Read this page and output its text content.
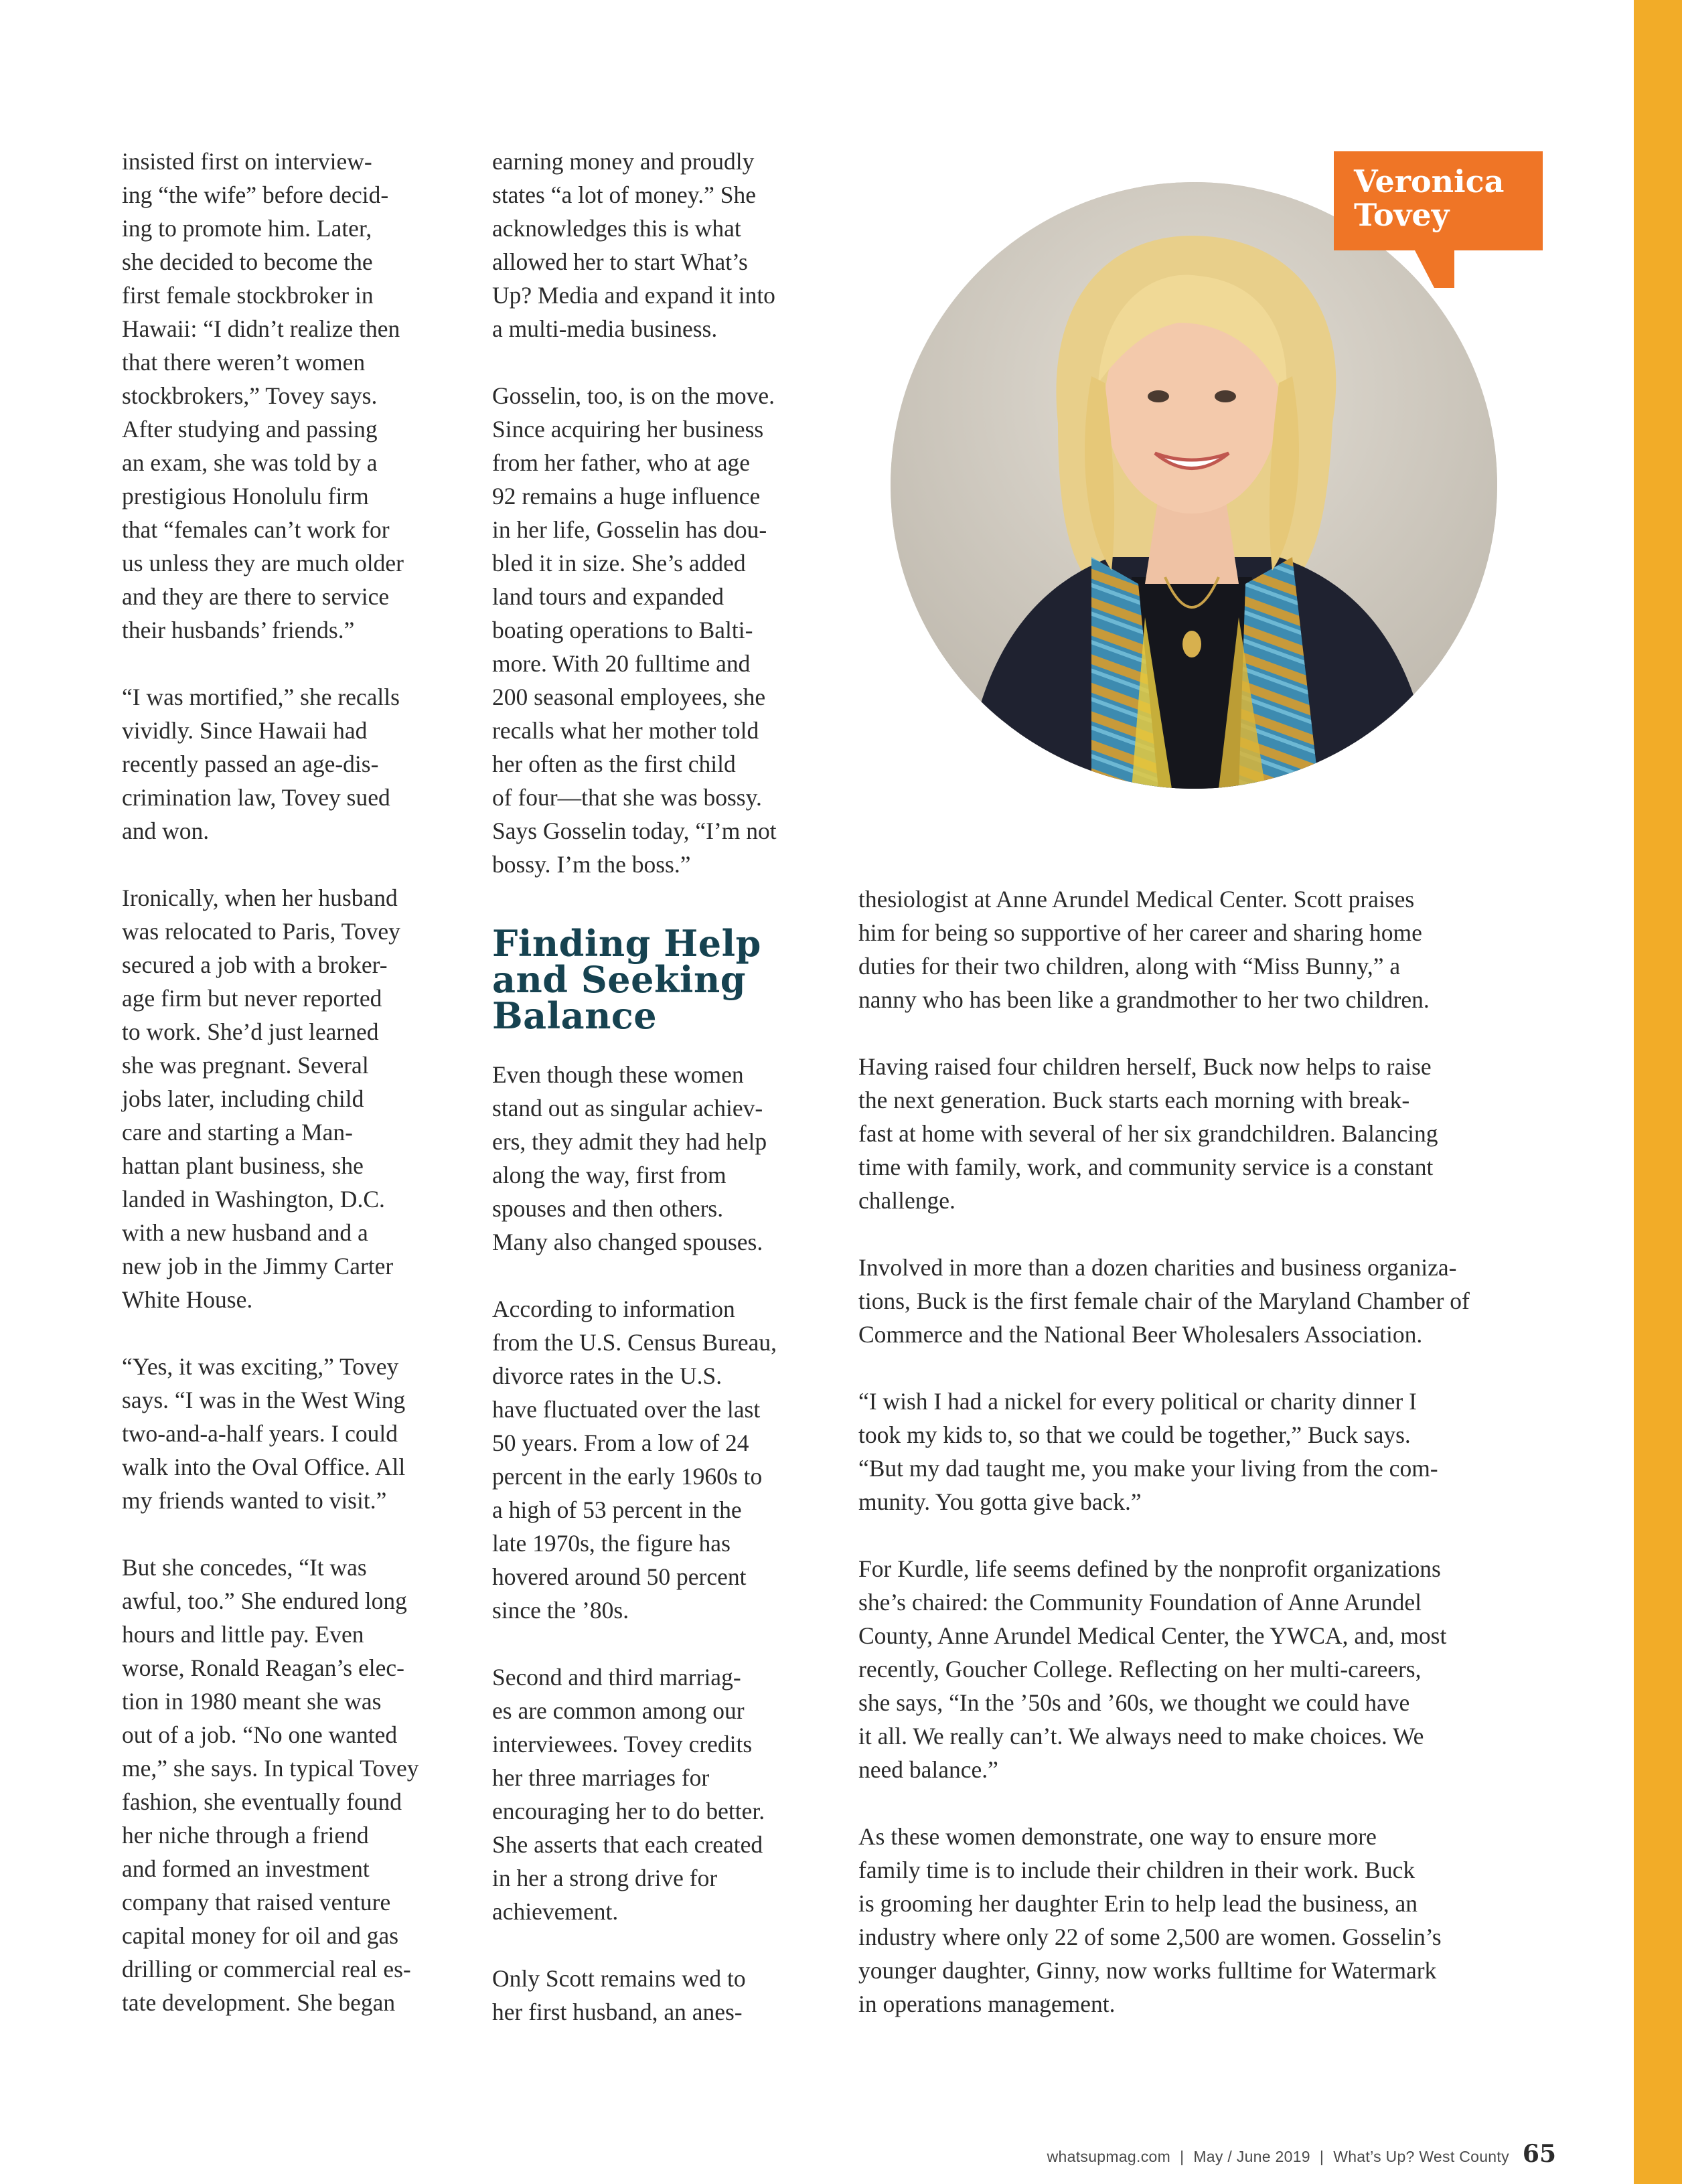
insisted first on interview-
ing “the wife” before decid-
ing to promote him. Later,
she decided to become the
first female stockbroker in
Hawaii: “I didn’t realize then
that there weren’t women
stockbrokers,” Tovey says.
After studying and passing
an exam, she was told by a
prestigious Honolulu firm
that “females can’t work for
us unless they are much older
and they are there to service
their husbands’ friends.”

“I was mortified,” she recalls
vividly. Since Hawaii had
recently passed an age-dis-
crimination law, Tovey sued
and won.

Ironically, when her husband
was relocated to Paris, Tovey
secured a job with a broker-
age firm but never reported
to work. She’d just learned
she was pregnant. Several
jobs later, including child
care and starting a Man-
hattan plant business, she
landed in Washington, D.C.
with a new husband and a
new job in the Jimmy Carter
White House.

“Yes, it was exciting,” Tovey
says. “I was in the West Wing
two-and-a-half years. I could
walk into the Oval Office. All
my friends wanted to visit.”

But she concedes, “It was
awful, too.” She endured long
hours and little pay. Even
worse, Ronald Reagan’s elec-
tion in 1980 meant she was
out of a job. “No one wanted
me,” she says. In typical Tovey
fashion, she eventually found
her niche through a friend
and formed an investment
company that raised venture
capital money for oil and gas
drilling or commercial real es-
tate development. She began

earning money and proudly
states “a lot of money.” She
acknowledges this is what
allowed her to start What’s
Up? Media and expand it into
a multi-media business.

Gosselin, too, is on the move.
Since acquiring her business
from her father, who at age
92 remains a huge influence
in her life, Gosselin has dou-
bled it in size. She’s added
land tours and expanded
boating operations to Balti-
more. With 20 fulltime and
200 seasonal employees, she
recalls what her mother told
her often as the first child
of four—that she was bossy.
Says Gosselin today, “I’m not
bossy. I’m the boss.”

Finding Help
and Seeking
Balance

Even though these women
stand out as singular achiev-
ers, they admit they had help
along the way, first from
spouses and then others.
Many also changed spouses.

According to information
from the U.S. Census Bureau,
divorce rates in the U.S.
have fluctuated over the last
50 years. From a low of 24
percent in the early 1960s to
a high of 53 percent in the
late 1970s, the figure has
hovered around 50 percent
since the ’80s.

Second and third marriag-
es are common among our
interviewees. Tovey credits
her three marriages for
encouraging her to do better.
She asserts that each created
in her a strong drive for
achievement.

Only Scott remains wed to
her first husband, an anes-

thesiologist at Anne Arundel Medical Center. Scott praises
him for being so supportive of her career and sharing home
duties for their two children, along with “Miss Bunny,” a
nanny who has been like a grandmother to her two children.

Having raised four children herself, Buck now helps to raise
the next generation. Buck starts each morning with break-
fast at home with several of her six grandchildren. Balancing
time with family, work, and community service is a constant
challenge.

Involved in more than a dozen charities and business organiza-
tions, Buck is the first female chair of the Maryland Chamber of
Commerce and the National Beer Wholesalers Association.

“I wish I had a nickel for every political or charity dinner I
took my kids to, so that we could be together,” Buck says.
“But my dad taught me, you make your living from the com-
munity. You gotta give back.”

For Kurdle, life seems defined by the nonprofit organizations
she’s chaired: the Community Foundation of Anne Arundel
County, Anne Arundel Medical Center, the YWCA, and, most
recently, Goucher College. Reflecting on her multi-careers,
she says, “In the ’50s and ’60s, we thought we could have
it all. We really can’t. We always need to make choices. We
need balance.”

As these women demonstrate, one way to ensure more
family time is to include their children in their work. Buck
is grooming her daughter Erin to help lead the business, an
industry where only 22 of some 2,500 are women. Gosselin’s
younger daughter, Ginny, now works fulltime for Watermark
in operations management.

Veronica
Tovey
whatsupmag.com | May / June 2019 | What’s Up? West County 65
